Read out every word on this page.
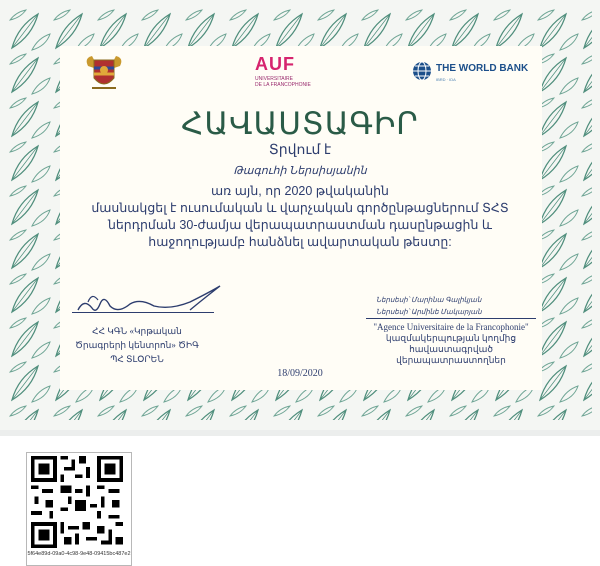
AUF
UNIVERSITAIRE
DE LA FRANCOPHONIE
THE WORLD BANK
IBRD · IDA
ՀԱՎԱՍՏԱԳԻՐ
Տրվում է
Թագուհի Ներսիսյանին
առ այն, որ 2020 թվականին
մասնակցել է ուսումական և վարչական գործընթացներում ՏՀՏ
ներդրման 30-ժամյա վերապատրաստման դասընթացին և
հաջողությամբ հանձնել ավարտական թեստը:
ՀՀ ԿԳՆ «Կրթական
Ծրագրերի կենտրոն» ԾԻԳ
ՊՀ ՏԼՕՐԵՆ
18/09/2020
Ներսեսի՝ Մարինա Գալիկյան
Ներսեսի՝ Արմինե Մակարյան
"Agence Universitaire de la Francophonie"
կազմակերպության կողմից
հավաստագրված
վերապատրաստողներ
5f64e89d-09a0-4c98-9e48-09415bc487e2
